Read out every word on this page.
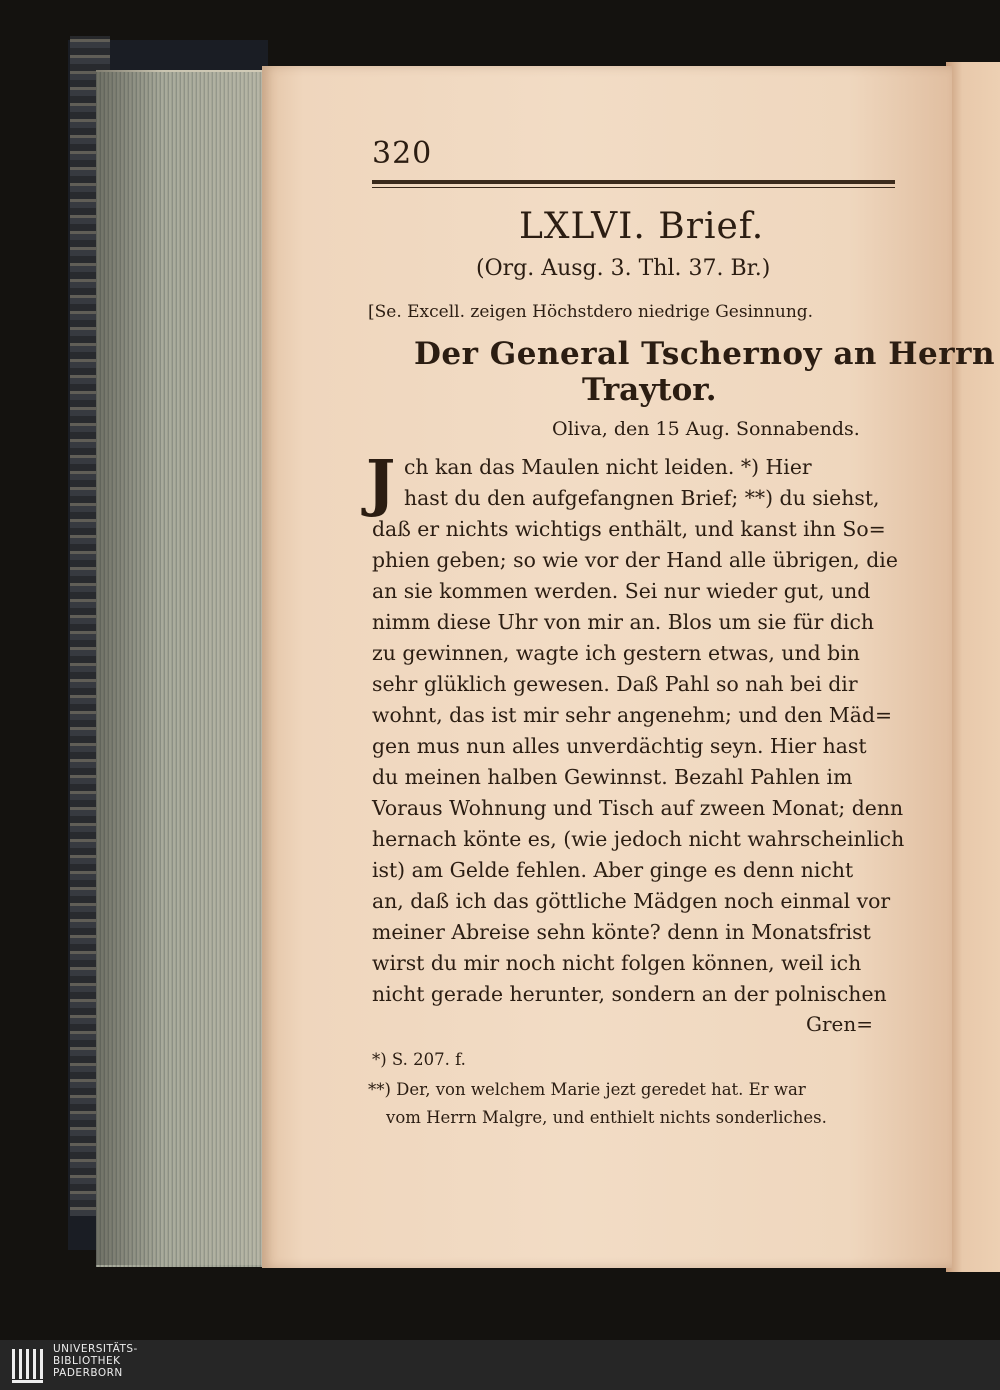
320
LXLVI. Brief.
(Org. Ausg. 3. Thl. 37. Br.)
[Se. Excell. zeigen Höchstdero niedrige Gesinnung.
Der General Tschernoy an Herrn
Traytor.
Oliva, den 15 Aug. Sonnabends.
J ch kan das Maulen nicht leiden. *) Hier
hast du den aufgefangnen Brief; **) du siehst,
daß er nichts wichtigs enthält, und kanst ihn So=
phien geben; so wie vor der Hand alle übrigen, die
an sie kommen werden. Sei nur wieder gut, und
nimm diese Uhr von mir an. Blos um sie für dich
zu gewinnen, wagte ich gestern etwas, und bin
sehr glüklich gewesen. Daß Pahl so nah bei dir
wohnt, das ist mir sehr angenehm; und den Mäd=
gen mus nun alles unverdächtig seyn. Hier hast
du meinen halben Gewinnst. Bezahl Pahlen im
Voraus Wohnung und Tisch auf zween Monat; denn
hernach könte es, (wie jedoch nicht wahrscheinlich
ist) am Gelde fehlen. Aber ginge es denn nicht
an, daß ich das göttliche Mädgen noch einmal vor
meiner Abreise sehn könte? denn in Monatsfrist
wirst du mir noch nicht folgen können, weil ich
nicht gerade herunter, sondern an der polnischen
Gren=
*) S. 207. f.
**) Der, von welchem Marie jezt geredet hat. Er war
vom Herrn Malgre, und enthielt nichts sonderliches.
UNIVERSITÄTS-
BIBLIOTHEK
PADERBORN
